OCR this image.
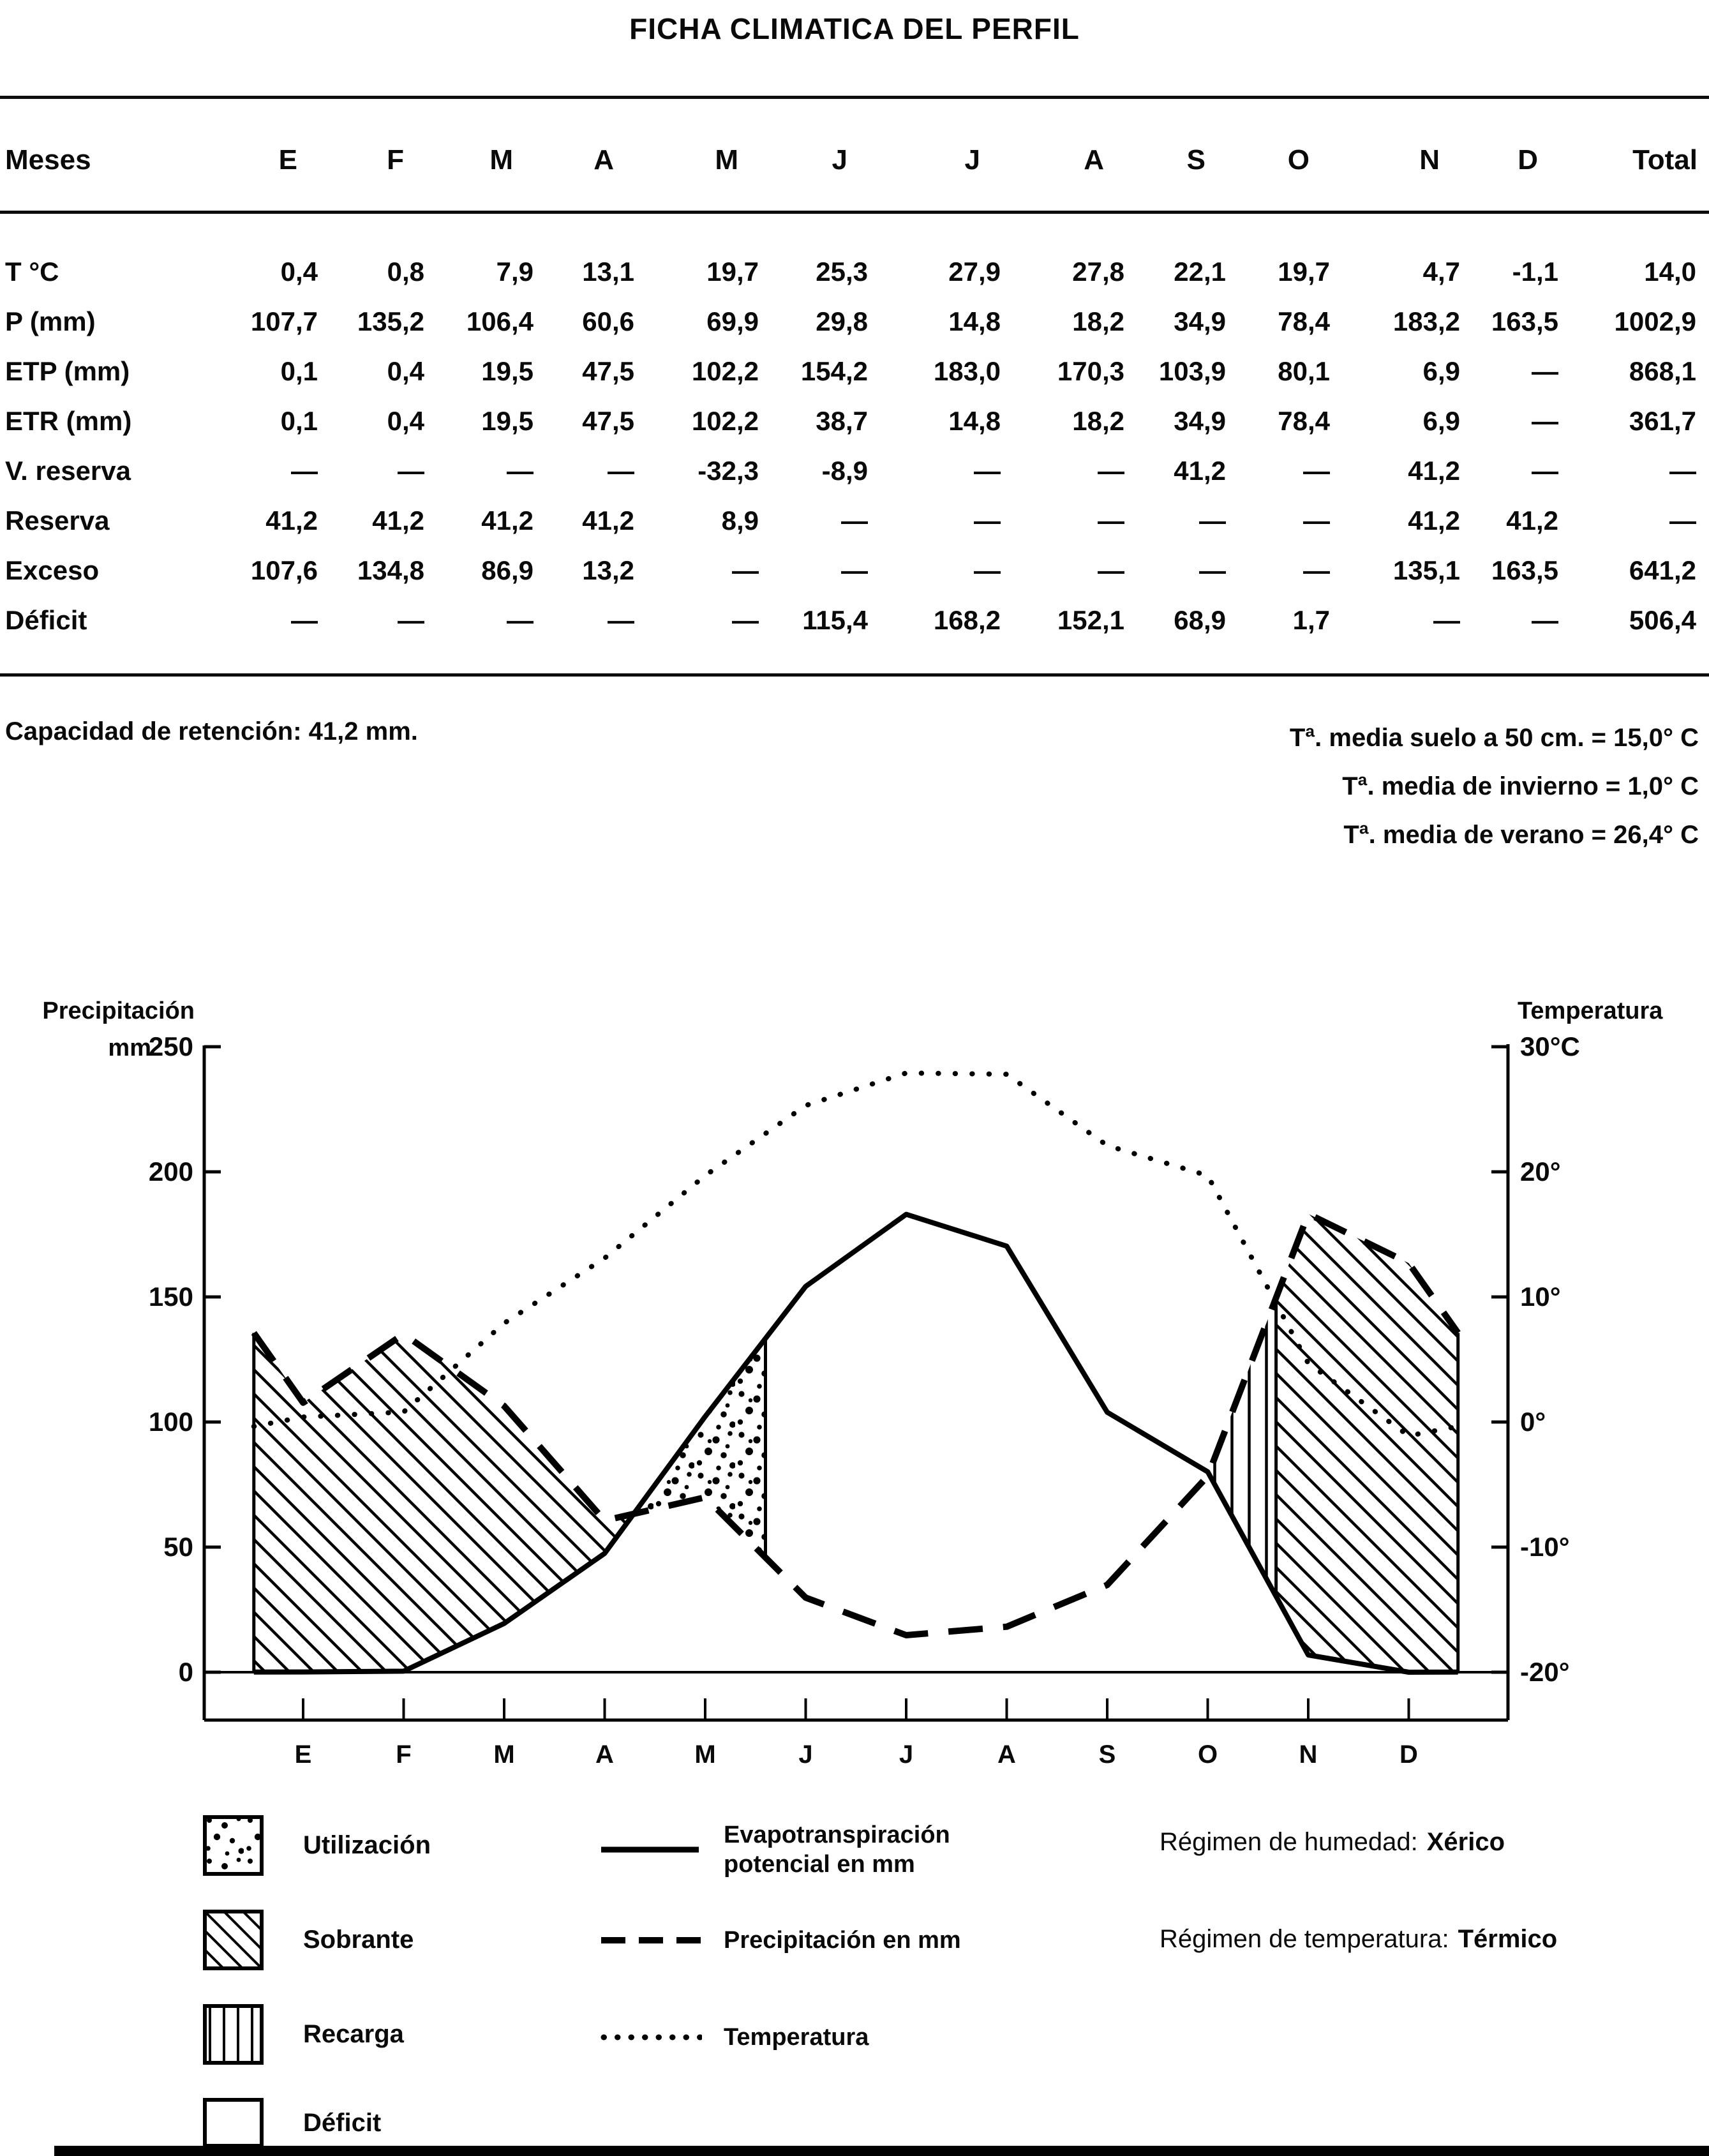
FICHA CLIMATICA DEL PERFIL
Meses	E	F	M	A	M	J	J	A	S	O	N	D	Total

T °C	0,4	0,8	7,9	13,1	19,7	25,3	27,9	27,8	22,1	19,7	4,7	-1,1	14,0
P (mm)	107,7	135,2	106,4	60,6	69,9	29,8	14,8	18,2	34,9	78,4	183,2	163,5	1002,9
ETP (mm)	0,1	0,4	19,5	47,5	102,2	154,2	183,0	170,3	103,9	80,1	6,9	—	868,1
ETR (mm)	0,1	0,4	19,5	47,5	102,2	38,7	14,8	18,2	34,9	78,4	6,9	—	361,7
V. reserva	—	—	—	—	-32,3	-8,9	—	—	41,2	—	41,2	—	—
Reserva	41,2	41,2	41,2	41,2	8,9	—	—	—	—	—	41,2	41,2	—
Exceso	107,6	134,8	86,9	13,2	—	—	—	—	—	—	135,1	163,5	641,2
Déficit	—	—	—	—	—	115,4	168,2	152,1	68,9	1,7	—	—	506,4
Capacidad de retención: 41,2 mm.	Tª. media suelo a 50 cm. = 15,0° C
Tª. media de invierno = 1,0° C
Tª. media de verano = 26,4° C
250
200
150
100
50
0
Precipitación
mm	30°C
20°
10°
0°
-10°
-20°
Temperatura
E	F	M	A	M	J	J	A	S	O	N	D
Utilización
Sobrante
Recarga
Déficit
Evapotranspiración
potencial en mm
Precipitación en mm
Temperatura
Régimen de humedad: Xérico
Régimen de temperatura: Térmico
